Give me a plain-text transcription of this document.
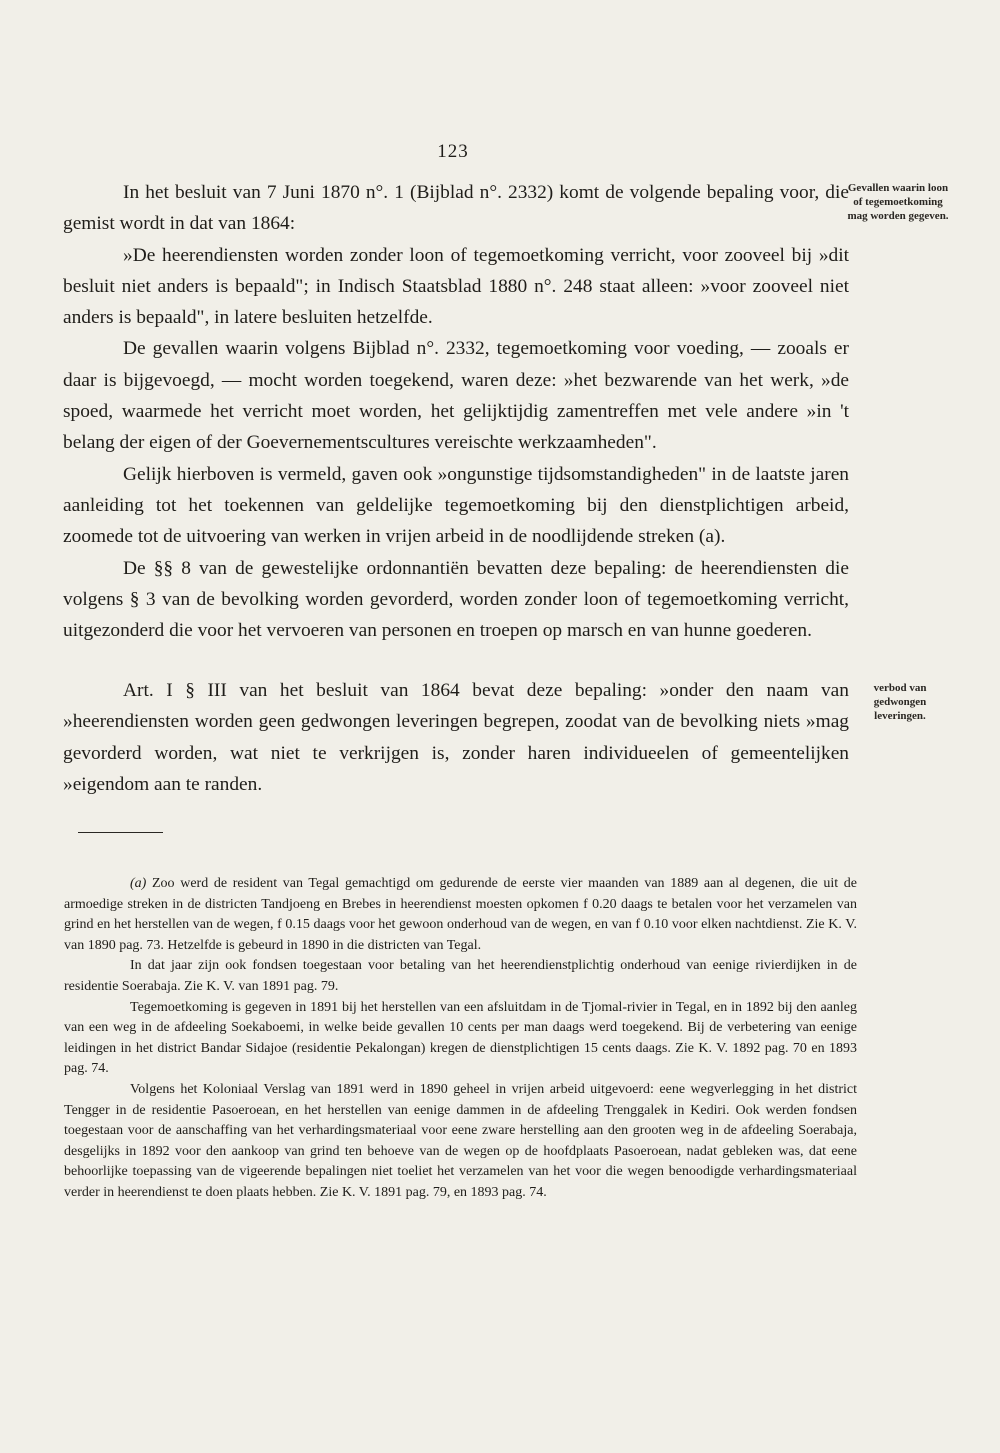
123

In het besluit van 7 Juni 1870 n°. 1 (Bijblad n°. 2332) komt de volgende bepaling voor, die gemist wordt in dat van 1864:

»De heerendiensten worden zonder loon of tegemoetkoming verricht, voor zooveel bij »dit besluit niet anders is bepaald"; in Indisch Staatsblad 1880 n°. 248 staat alleen: »voor zooveel niet anders is bepaald", in latere besluiten hetzelfde.

De gevallen waarin volgens Bijblad n°. 2332, tegemoetkoming voor voeding, — zooals er daar is bijgevoegd, — mocht worden toegekend, waren deze: »het bezwarende van het werk, »de spoed, waarmede het verricht moet worden, het gelijktijdig zamentreffen met vele andere »in 't belang der eigen of der Goevernementscultures vereischte werkzaamheden".

Gelijk hierboven is vermeld, gaven ook »ongunstige tijdsomstandigheden" in de laatste jaren aanleiding tot het toekennen van geldelijke tegemoetkoming bij den dienstplichtigen arbeid, zoomede tot de uitvoering van werken in vrijen arbeid in de noodlijdende streken (a).

De §§ 8 van de gewestelijke ordonnantiën bevatten deze bepaling: de heerendiensten die volgens § 3 van de bevolking worden gevorderd, worden zonder loon of tegemoetkoming verricht, uitgezonderd die voor het vervoeren van personen en troepen op marsch en van hunne goederen.

Gevallen waarin loon of tegemoetkoming mag worden gegeven.

Art. I § III van het besluit van 1864 bevat deze bepaling: »onder den naam van »heerendiensten worden geen gedwongen leveringen begrepen, zoodat van de bevolking niets »mag gevorderd worden, wat niet te verkrijgen is, zonder haren individueelen of gemeentelijken »eigendom aan te randen.

verbod van gedwongen leveringen.

(a) Zoo werd de resident van Tegal gemachtigd om gedurende de eerste vier maanden van 1889 aan al degenen, die uit de armoedige streken in de districten Tandjoeng en Brebes in heerendienst moesten opkomen f 0.20 daags te betalen voor het verzamelen van grind en het herstellen van de wegen, f 0.15 daags voor het gewoon onderhoud van de wegen, en van f 0.10 voor elken nachtdienst. Zie K. V. van 1890 pag. 73. Hetzelfde is gebeurd in 1890 in die districten van Tegal.

In dat jaar zijn ook fondsen toegestaan voor betaling van het heerendienstplichtig onderhoud van eenige rivierdijken in de residentie Soerabaja. Zie K. V. van 1891 pag. 79.

Tegemoetkoming is gegeven in 1891 bij het herstellen van een afsluitdam in de Tjomal-rivier in Tegal, en in 1892 bij den aanleg van een weg in de afdeeling Soekaboemi, in welke beide gevallen 10 cents per man daags werd toegekend. Bij de verbetering van eenige leidingen in het district Bandar Sidajoe (residentie Pekalongan) kregen de dienstplichtigen 15 cents daags. Zie K. V. 1892 pag. 70 en 1893 pag. 74.

Volgens het Koloniaal Verslag van 1891 werd in 1890 geheel in vrijen arbeid uitgevoerd: eene wegverlegging in het district Tengger in de residentie Pasoeroean, en het herstellen van eenige dammen in de afdeeling Trenggalek in Kediri. Ook werden fondsen toegestaan voor de aanschaffing van het verhardingsmateriaal voor eene zware herstelling aan den grooten weg in de afdeeling Soerabaja, desgelijks in 1892 voor den aankoop van grind ten behoeve van de wegen op de hoofdplaats Pasoeroean, nadat gebleken was, dat eene behoorlijke toepassing van de vigeerende bepalingen niet toeliet het verzamelen van het voor die wegen benoodigde verhardingsmateriaal verder in heerendienst te doen plaats hebben. Zie K. V. 1891 pag. 79, en 1893 pag. 74.
